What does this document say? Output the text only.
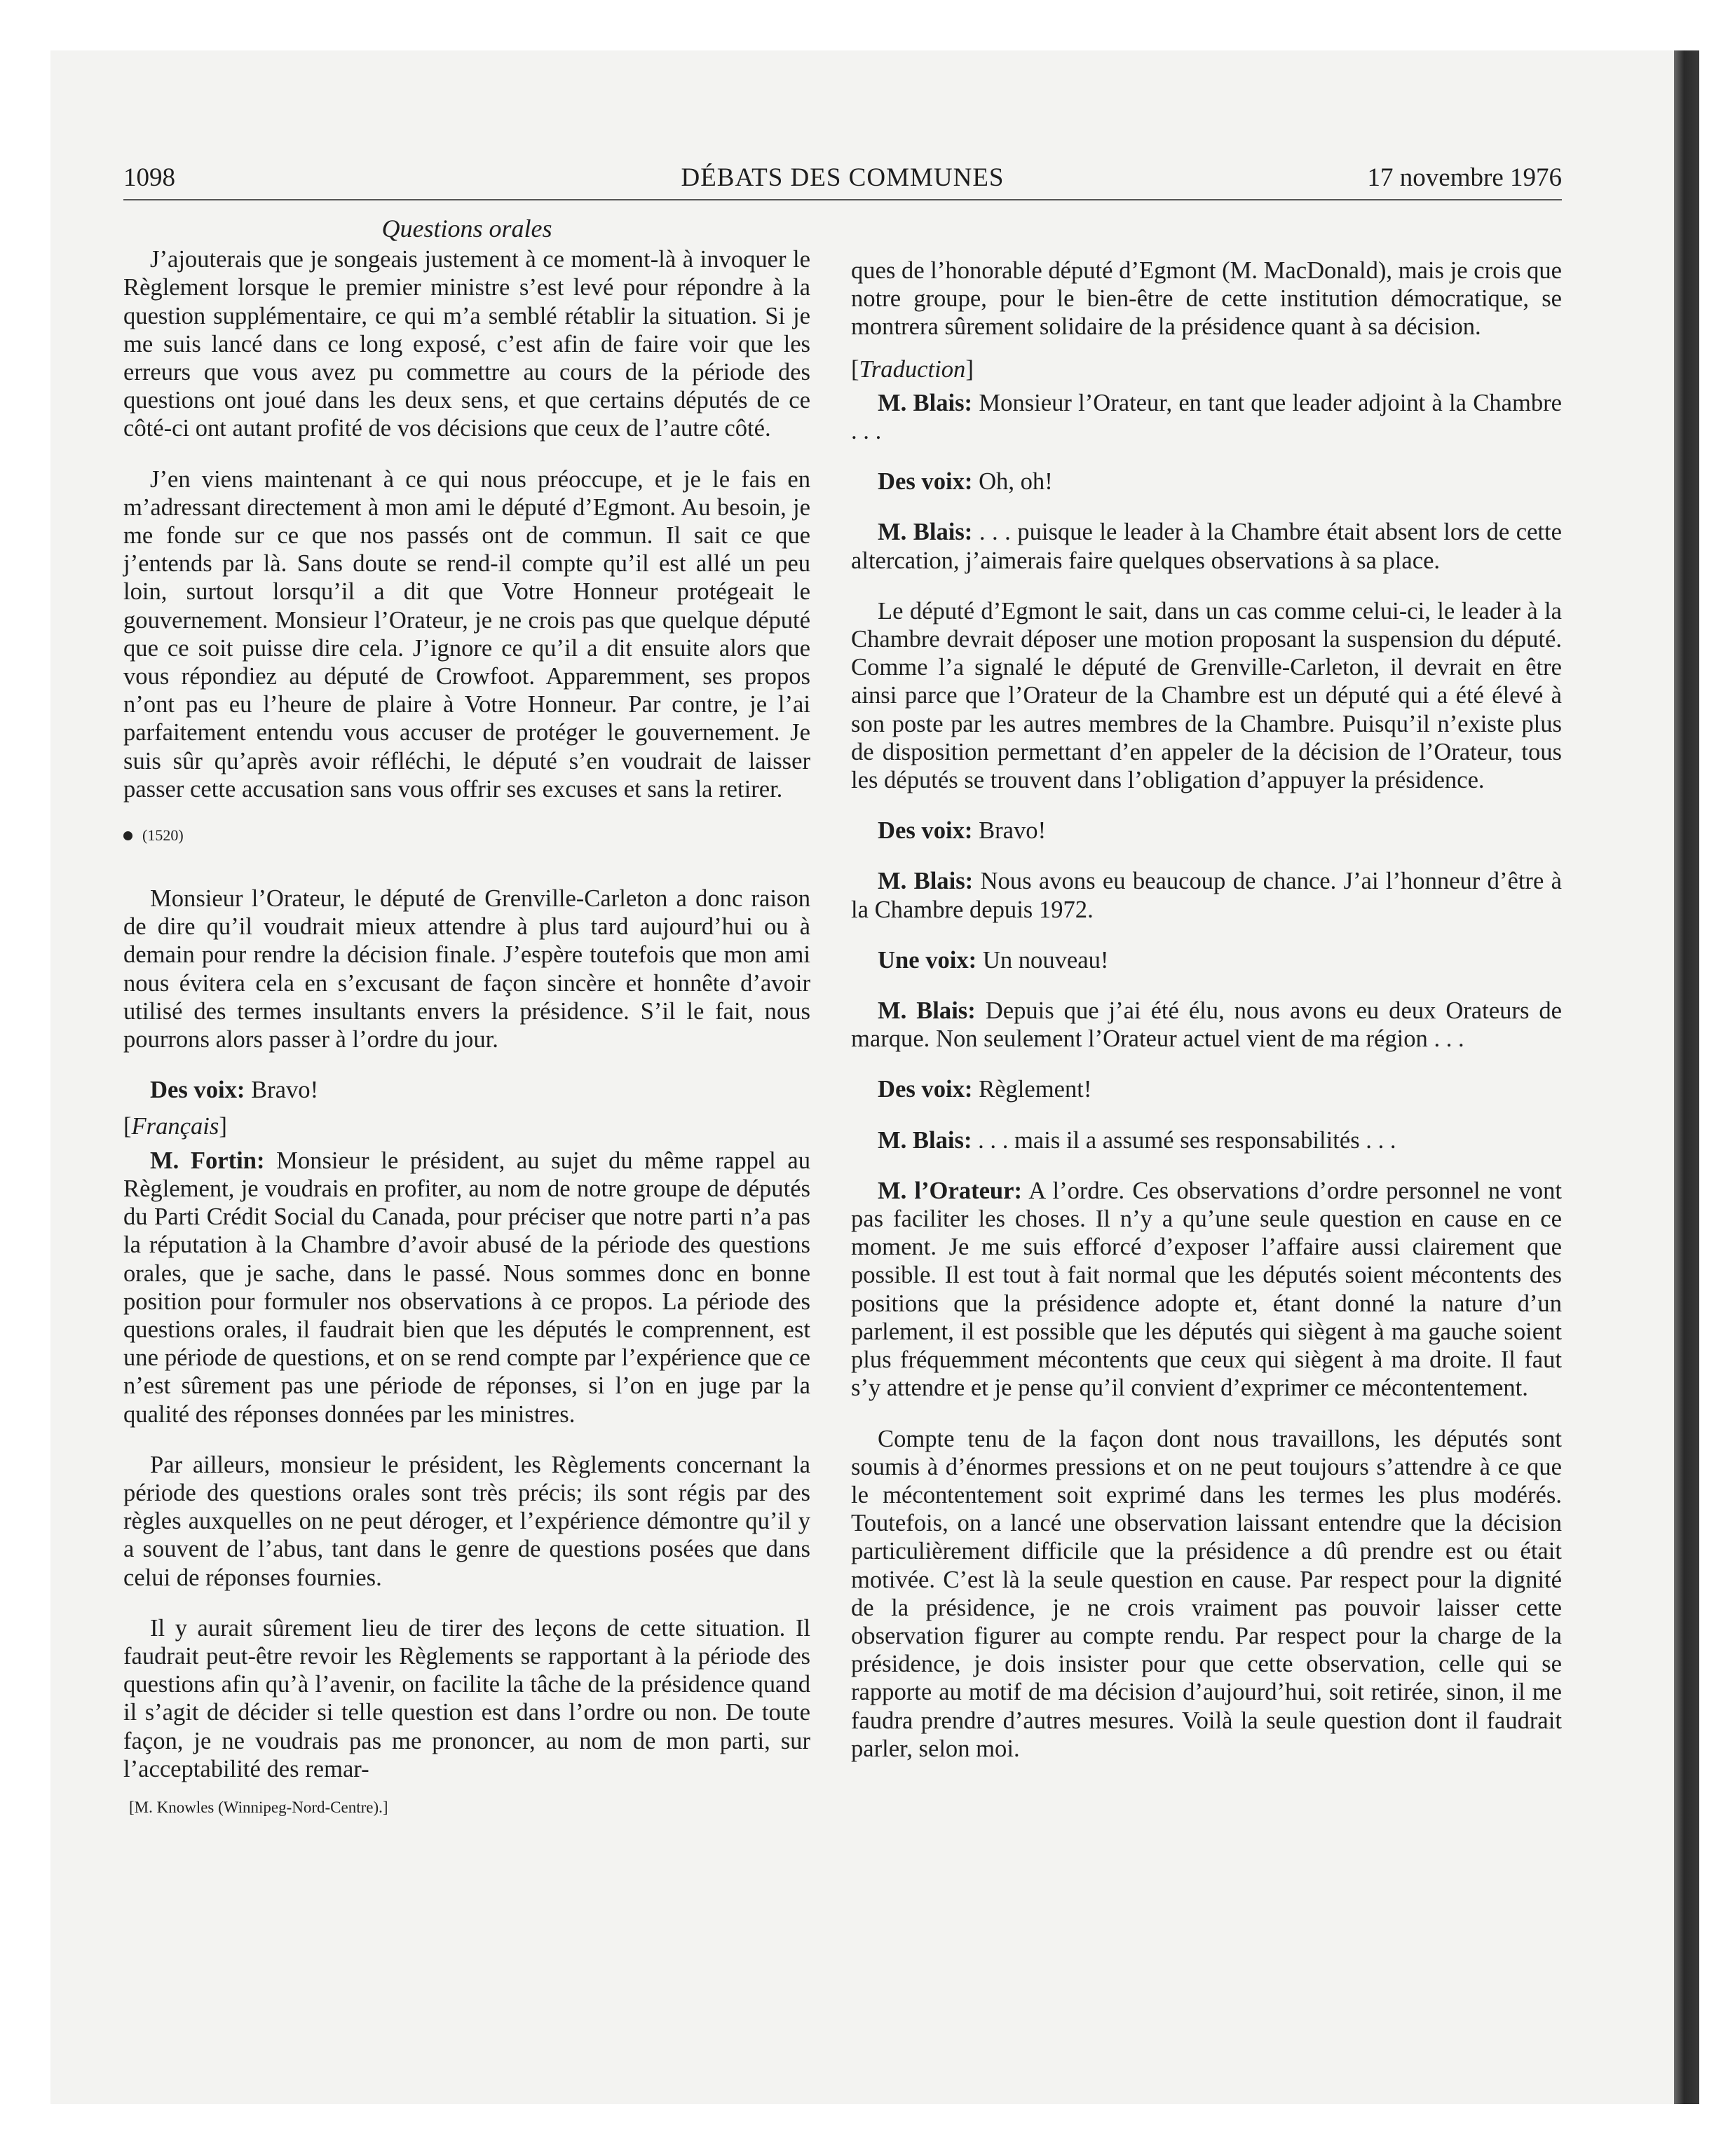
1098	DÉBATS DES COMMUNES	17 novembre 1976
Questions orales

J’ajouterais que je songeais justement à ce moment-là à invoquer le Règlement lorsque le premier ministre s’est levé pour répondre à la question supplémentaire, ce qui m’a semblé rétablir la situation. Si je me suis lancé dans ce long exposé, c’est afin de faire voir que les erreurs que vous avez pu commettre au cours de la période des questions ont joué dans les deux sens, et que certains députés de ce côté-ci ont autant profité de vos décisions que ceux de l’autre côté.

J’en viens maintenant à ce qui nous préoccupe, et je le fais en m’adressant directement à mon ami le député d’Egmont. Au besoin, je me fonde sur ce que nos passés ont de commun. Il sait ce que j’entends par là. Sans doute se rend-il compte qu’il est allé un peu loin, surtout lorsqu’il a dit que Votre Honneur protégeait le gouvernement. Monsieur l’Orateur, je ne crois pas que quelque député que ce soit puisse dire cela. J’ignore ce qu’il a dit ensuite alors que vous répondiez au député de Crowfoot. Apparemment, ses propos n’ont pas eu l’heure de plaire à Votre Honneur. Par contre, je l’ai parfaitement entendu vous accuser de protéger le gouvernement. Je suis sûr qu’après avoir réfléchi, le député s’en voudrait de laisser passer cette accusation sans vous offrir ses excuses et sans la retirer.

(1520)

Monsieur l’Orateur, le député de Grenville-Carleton a donc raison de dire qu’il voudrait mieux attendre à plus tard aujourd’hui ou à demain pour rendre la décision finale. J’espère toutefois que mon ami nous évitera cela en s’excusant de façon sincère et honnête d’avoir utilisé des termes insultants envers la présidence. S’il le fait, nous pourrons alors passer à l’ordre du jour.

Des voix: Bravo!

[Français]

M. Fortin: Monsieur le président, au sujet du même rappel au Règlement, je voudrais en profiter, au nom de notre groupe de députés du Parti Crédit Social du Canada, pour préciser que notre parti n’a pas la réputation à la Chambre d’avoir abusé de la période des questions orales, que je sache, dans le passé. Nous sommes donc en bonne position pour formuler nos observations à ce propos. La période des questions orales, il faudrait bien que les députés le comprennent, est une période de questions, et on se rend compte par l’expérience que ce n’est sûrement pas une période de réponses, si l’on en juge par la qualité des réponses données par les ministres.

Par ailleurs, monsieur le président, les Règlements concernant la période des questions orales sont très précis; ils sont régis par des règles auxquelles on ne peut déroger, et l’expérience démontre qu’il y a souvent de l’abus, tant dans le genre de questions posées que dans celui de réponses fournies.

Il y aurait sûrement lieu de tirer des leçons de cette situation. Il faudrait peut-être revoir les Règlements se rapportant à la période des questions afin qu’à l’avenir, on facilite la tâche de la présidence quand il s’agit de décider si telle question est dans l’ordre ou non. De toute façon, je ne voudrais pas me prononcer, au nom de mon parti, sur l’acceptabilité des remar-

[M. Knowles (Winnipeg-Nord-Centre).]

ques de l’honorable député d’Egmont (M. MacDonald), mais je crois que notre groupe, pour le bien-être de cette institution démocratique, se montrera sûrement solidaire de la présidence quant à sa décision.

[Traduction]

M. Blais: Monsieur l’Orateur, en tant que leader adjoint à la Chambre . . .

Des voix: Oh, oh!

M. Blais: . . . puisque le leader à la Chambre était absent lors de cette altercation, j’aimerais faire quelques observations à sa place.

Le député d’Egmont le sait, dans un cas comme celui-ci, le leader à la Chambre devrait déposer une motion proposant la suspension du député. Comme l’a signalé le député de Grenville-Carleton, il devrait en être ainsi parce que l’Orateur de la Chambre est un député qui a été élevé à son poste par les autres membres de la Chambre. Puisqu’il n’existe plus de disposition permettant d’en appeler de la décision de l’Orateur, tous les députés se trouvent dans l’obligation d’appuyer la présidence.

Des voix: Bravo!

M. Blais: Nous avons eu beaucoup de chance. J’ai l’honneur d’être à la Chambre depuis 1972.

Une voix: Un nouveau!

M. Blais: Depuis que j’ai été élu, nous avons eu deux Orateurs de marque. Non seulement l’Orateur actuel vient de ma région . . .

Des voix: Règlement!

M. Blais: . . . mais il a assumé ses responsabilités . . .

M. l’Orateur: A l’ordre. Ces observations d’ordre personnel ne vont pas faciliter les choses. Il n’y a qu’une seule question en cause en ce moment. Je me suis efforcé d’exposer l’affaire aussi clairement que possible. Il est tout à fait normal que les députés soient mécontents des positions que la présidence adopte et, étant donné la nature d’un parlement, il est possible que les députés qui siègent à ma gauche soient plus fréquemment mécontents que ceux qui siègent à ma droite. Il faut s’y attendre et je pense qu’il convient d’exprimer ce mécontentement.

Compte tenu de la façon dont nous travaillons, les députés sont soumis à d’énormes pressions et on ne peut toujours s’attendre à ce que le mécontentement soit exprimé dans les termes les plus modérés. Toutefois, on a lancé une observation laissant entendre que la décision particulièrement difficile que la présidence a dû prendre est ou était motivée. C’est là la seule question en cause. Par respect pour la dignité de la présidence, je ne crois vraiment pas pouvoir laisser cette observation figurer au compte rendu. Par respect pour la charge de la présidence, je dois insister pour que cette observation, celle qui se rapporte au motif de ma décision d’aujourd’hui, soit retirée, sinon, il me faudra prendre d’autres mesures. Voilà la seule question dont il faudrait parler, selon moi.
